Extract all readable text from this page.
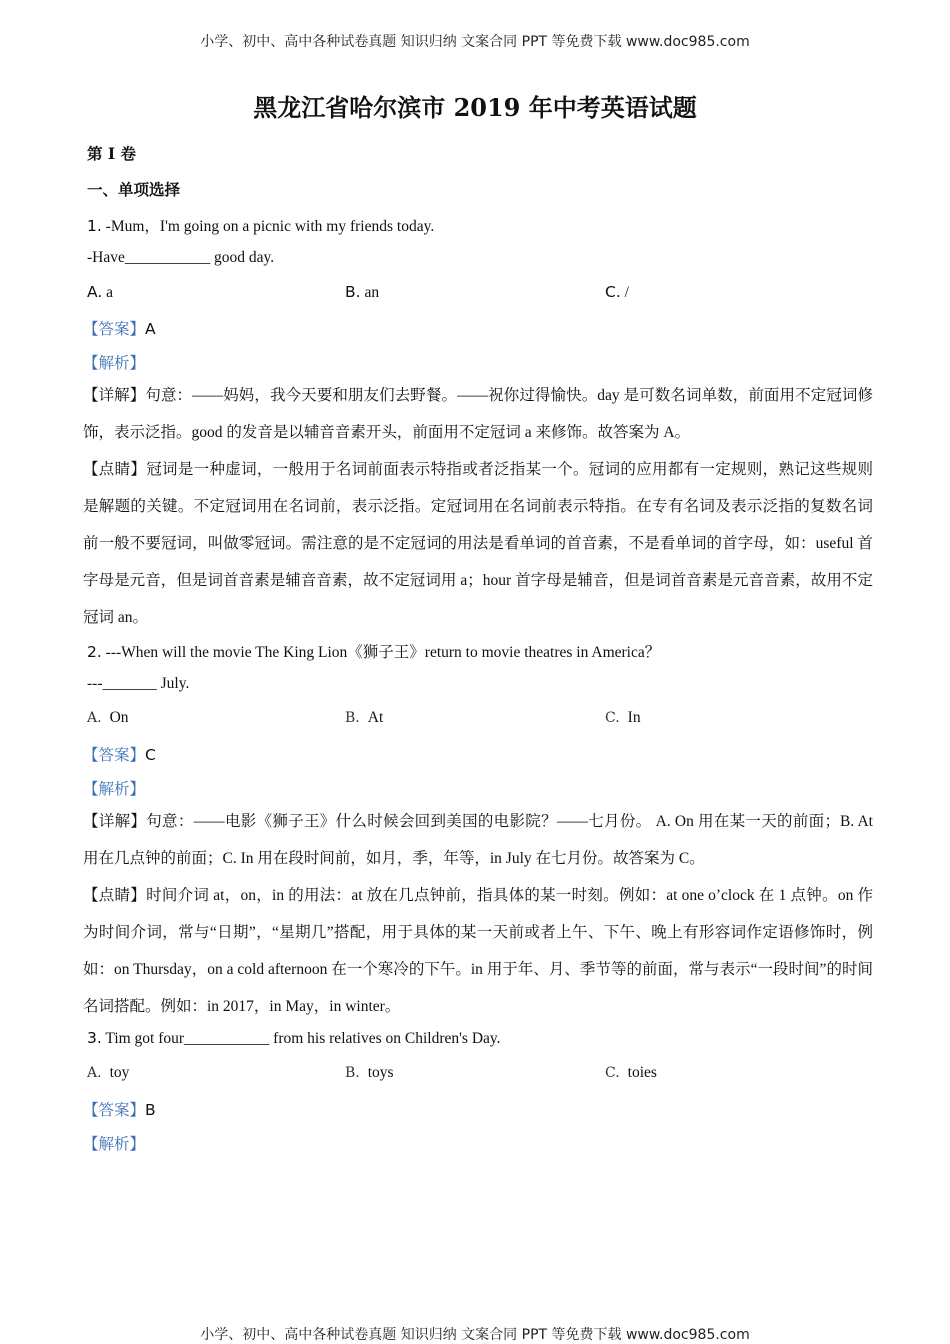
小学、初中、高中各种试卷真题 知识归纳 文案合同 PPT 等免费下载 www.doc985.com
黑龙江省哈尔滨市 2019 年中考英语试题
第 I 卷
一、单项选择
1. -Mum，I'm going on a picnic with my friends today.
-Have___________ good day.
A. a	B. an	C. /
【答案】A
【解析】
【详解】句意：——妈妈，我今天要和朋友们去野餐。——祝你过得愉快。day 是可数名词单数，前面用不定冠词修饰，表示泛指。good 的发音是以辅音音素开头，前面用不定冠词 a 来修饰。故答案为 A。
【点睛】冠词是一种虚词，一般用于名词前面表示特指或者泛指某一个。冠词的应用都有一定规则，熟记这些规则是解题的关键。不定冠词用在名词前，表示泛指。定冠词用在名词前表示特指。在专有名词及表示泛指的复数名词前一般不要冠词，叫做零冠词。需注意的是不定冠词的用法是看单词的首音素，不是看单词的首字母，如：useful 首字母是元音，但是词首音素是辅音音素，故不定冠词用 a；hour 首字母是辅音，但是词首音素是元音音素，故用不定冠词 an。
2. ---When will the movie The King Lion《狮子王》return to movie theatres in America？
---_______ July.
A. On	B. At	C. In
【答案】C
【解析】
【详解】句意：——电影《狮子王》什么时候会回到美国的电影院？——七月份。 A. On 用在某一天的前面；B. At 用在几点钟的前面；C. In 用在段时间前，如月，季，年等，in July 在七月份。故答案为 C。
【点睛】时间介词 at，on，in 的用法：at 放在几点钟前，指具体的某一时刻。例如：at one o’clock 在 1 点钟。on 作为时间介词，常与“日期”，“星期几”搭配，用于具体的某一天前或者上午、下午、晚上有形容词作定语修饰时，例如：on Thursday，on a cold afternoon 在一个寒冷的下午。in 用于年、月、季节等的前面，常与表示“一段时间”的时间名词搭配。例如：in 2017，in May，in winter。
3. Tim got four___________ from his relatives on Children's Day.
A. toy	B. toys	C. toies
【答案】B
【解析】
小学、初中、高中各种试卷真题 知识归纳 文案合同 PPT 等免费下载 www.doc985.com
